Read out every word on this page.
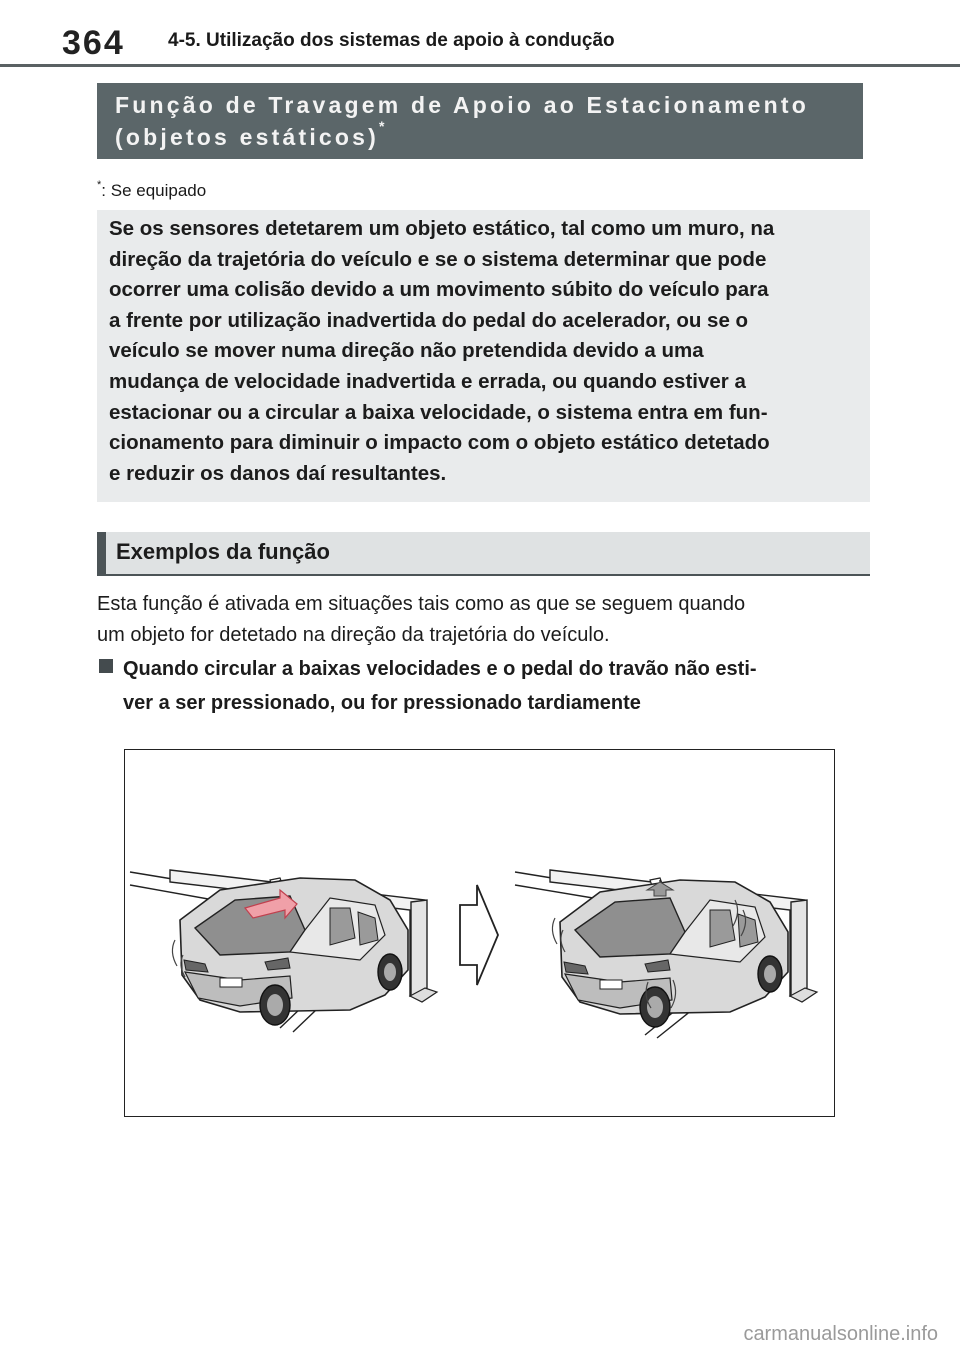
364 4-5. Utilização dos sistemas de apoio à condução
Função de Travagem de Apoio ao Estacionamento
(objetos estáticos)*
*: Se equipado
Se os sensores detetarem um objeto estático, tal como um muro, na
direção da trajetória do veículo e se o sistema determinar que pode
ocorrer uma colisão devido a um movimento súbito do veículo para
a frente por utilização inadvertida do pedal do acelerador, ou se o
veículo se mover numa direção não pretendida devido a uma
mudança de velocidade inadvertida e errada, ou quando estiver a
estacionar ou a circular a baixa velocidade, o sistema entra em fun-
cionamento para diminuir o impacto com o objeto estático detetado
e reduzir os danos daí resultantes.
Exemplos da função
Esta função é ativada em situações tais como as que se seguem quando
um objeto for detetado na direção da trajetória do veículo.
Quando circular a baixas velocidades e o pedal do travão não esti-
ver a ser pressionado, ou for pressionado tardiamente
carmanualsonline.info
